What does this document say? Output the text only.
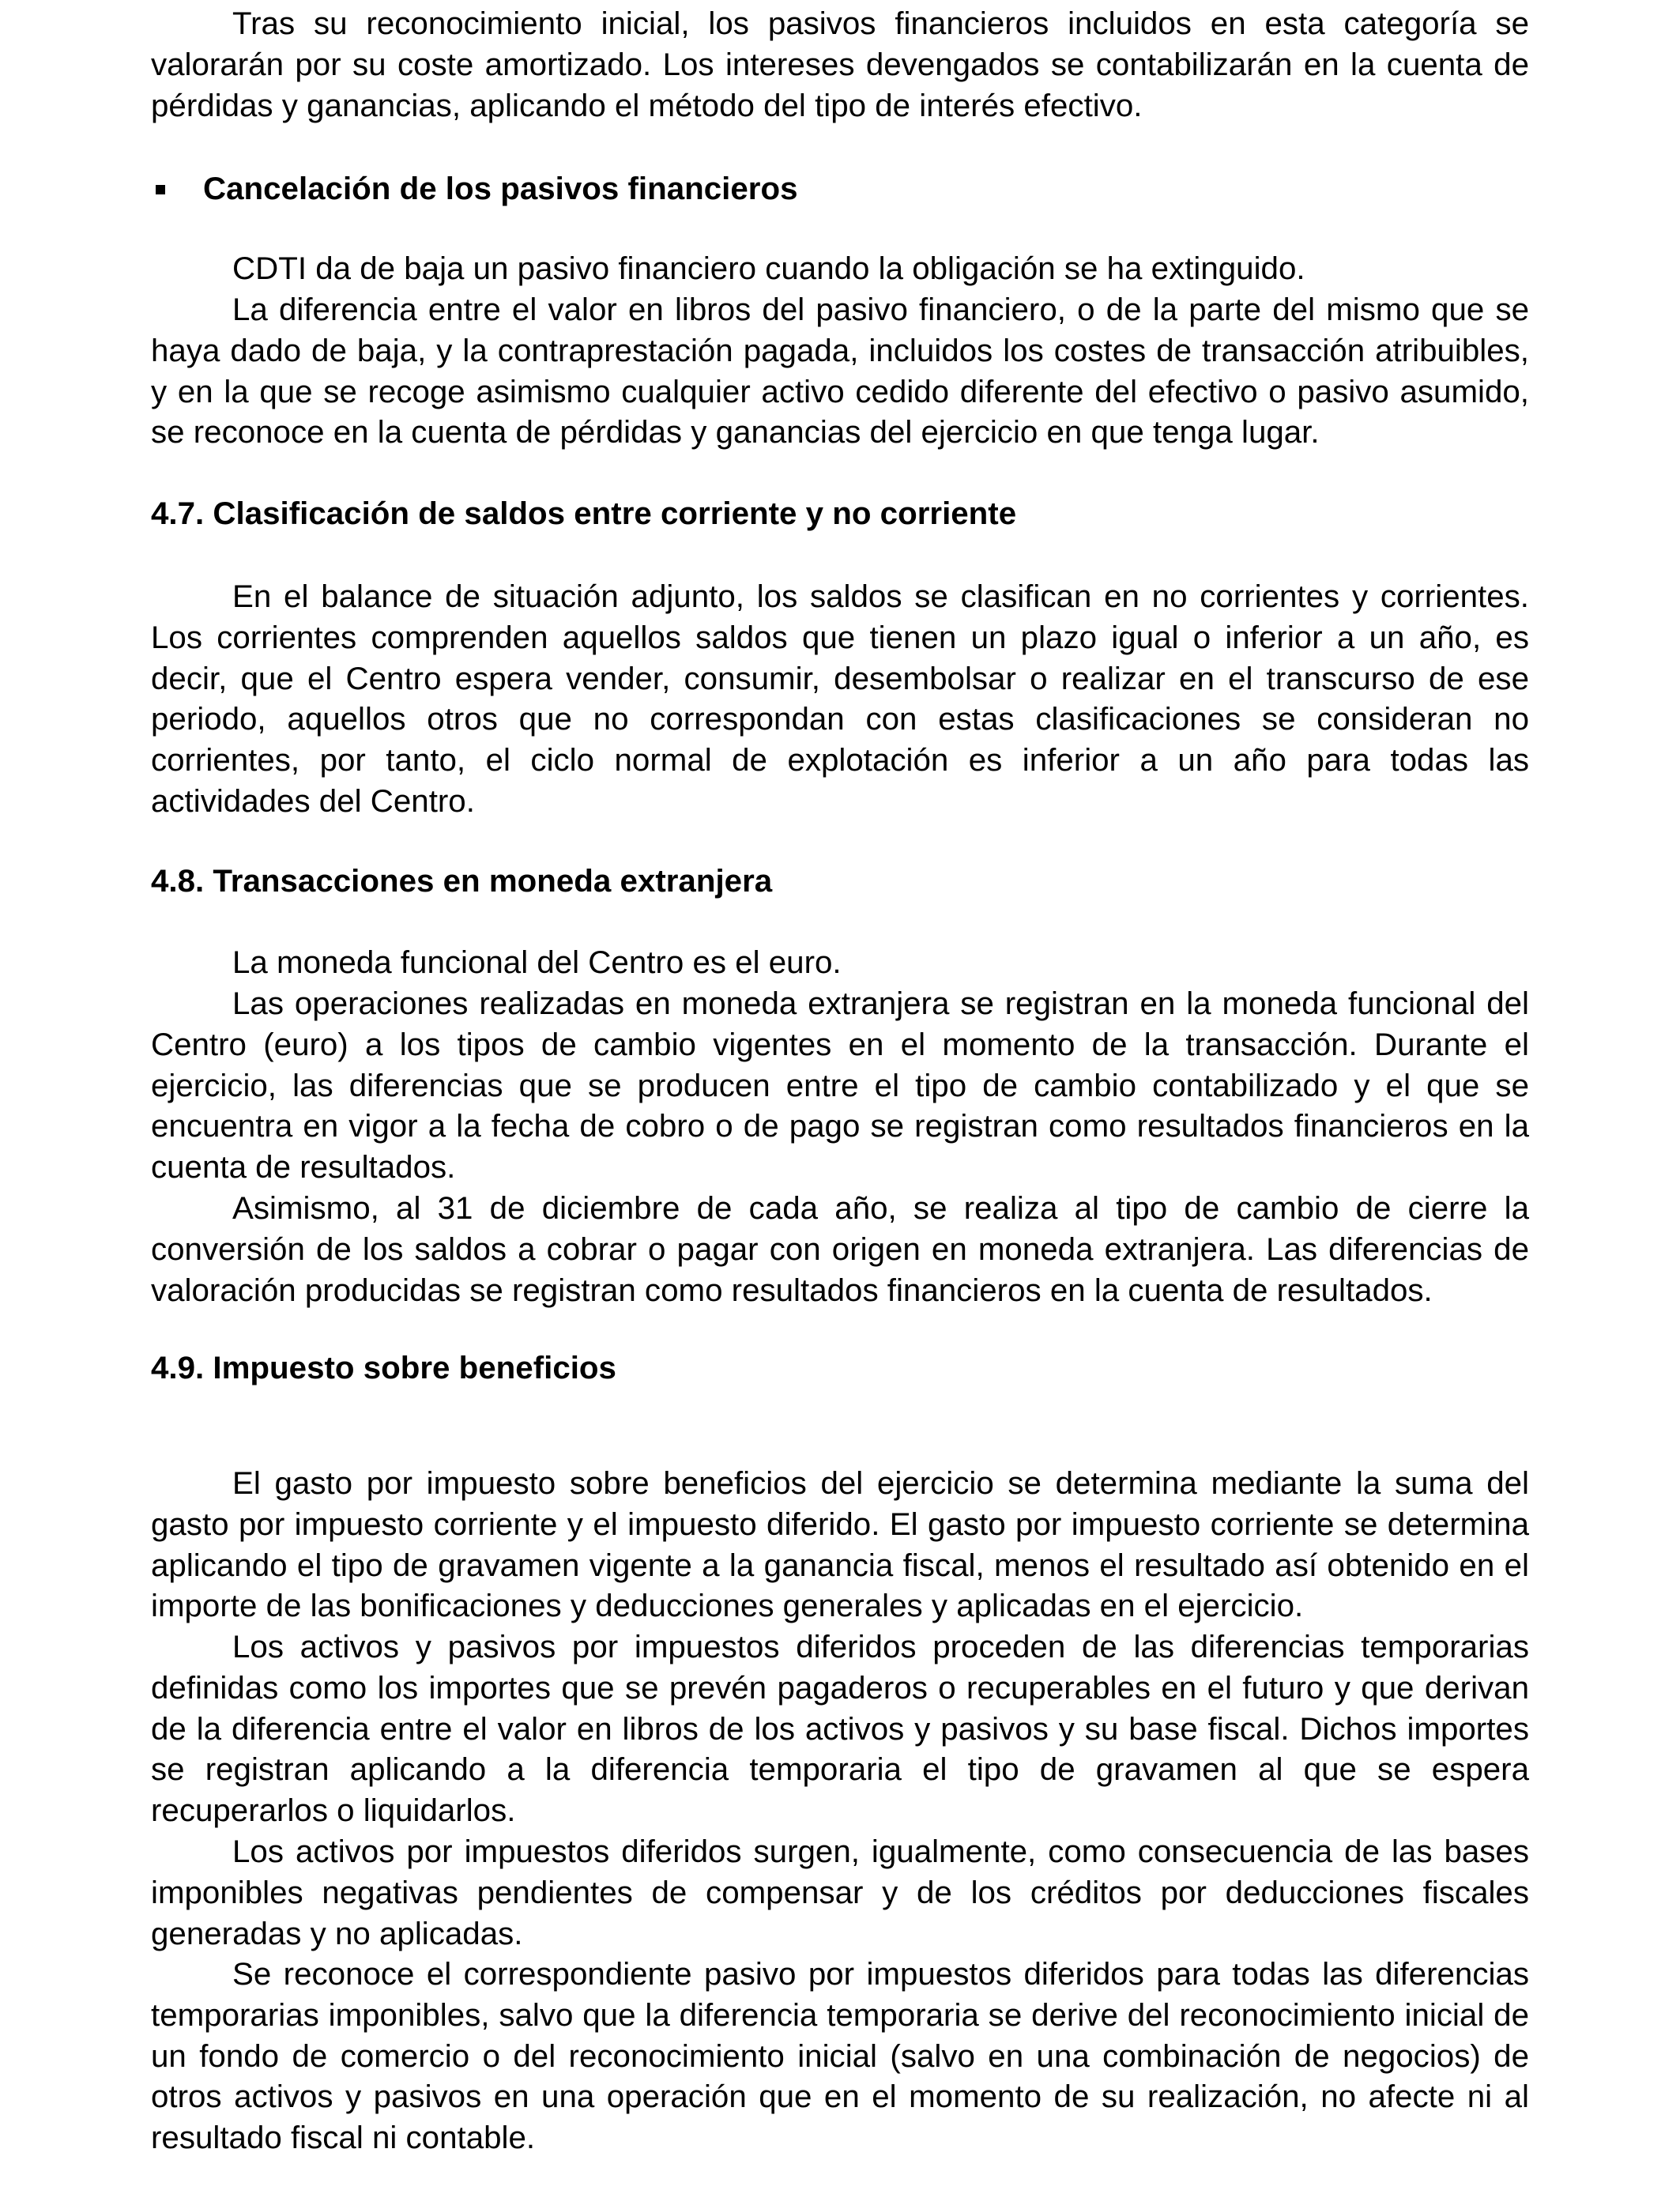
Tras su reconocimiento inicial, los pasivos financieros incluidos en esta categoría se
valorarán por su coste amortizado. Los intereses devengados se contabilizarán en la cuenta de
pérdidas y ganancias, aplicando el método del tipo de interés efectivo.
Cancelación de los pasivos financieros
CDTI da de baja un pasivo financiero cuando la obligación se ha extinguido.
La diferencia entre el valor en libros del pasivo financiero, o de la parte del mismo que se
haya dado de baja, y la contraprestación pagada, incluidos los costes de transacción atribuibles,
y en la que se recoge asimismo cualquier activo cedido diferente del efectivo o pasivo asumido,
se reconoce en la cuenta de pérdidas y ganancias del ejercicio en que tenga lugar.
4.7. Clasificación de saldos entre corriente y no corriente
En el balance de situación adjunto, los saldos se clasifican en no corrientes y corrientes.
Los corrientes comprenden aquellos saldos que tienen un plazo igual o inferior a un año, es
decir, que el Centro espera vender, consumir, desembolsar o realizar en el transcurso de ese
periodo, aquellos otros que no correspondan con estas clasificaciones se consideran no
corrientes, por tanto, el ciclo normal de explotación es inferior a un año para todas las
actividades del Centro.
4.8. Transacciones en moneda extranjera
La moneda funcional del Centro es el euro.
Las operaciones realizadas en moneda extranjera se registran en la moneda funcional del
Centro (euro) a los tipos de cambio vigentes en el momento de la transacción. Durante el
ejercicio, las diferencias que se producen entre el tipo de cambio contabilizado y el que se
encuentra en vigor a la fecha de cobro o de pago se registran como resultados financieros en la
cuenta de resultados.
Asimismo, al 31 de diciembre de cada año, se realiza al tipo de cambio de cierre la
conversión de los saldos a cobrar o pagar con origen en moneda extranjera. Las diferencias de
valoración producidas se registran como resultados financieros en la cuenta de resultados.
4.9. Impuesto sobre beneficios
El gasto por impuesto sobre beneficios del ejercicio se determina mediante la suma del
gasto por impuesto corriente y el impuesto diferido. El gasto por impuesto corriente se determina
aplicando el tipo de gravamen vigente a la ganancia fiscal, menos el resultado así obtenido en el
importe de las bonificaciones y deducciones generales y aplicadas en el ejercicio.
Los activos y pasivos por impuestos diferidos proceden de las diferencias temporarias
definidas como los importes que se prevén pagaderos o recuperables en el futuro y que derivan
de la diferencia entre el valor en libros de los activos y pasivos y su base fiscal. Dichos importes
se registran aplicando a la diferencia temporaria el tipo de gravamen al que se espera
recuperarlos o liquidarlos.
Los activos por impuestos diferidos surgen, igualmente, como consecuencia de las bases
imponibles negativas pendientes de compensar y de los créditos por deducciones fiscales
generadas y no aplicadas.
Se reconoce el correspondiente pasivo por impuestos diferidos para todas las diferencias
temporarias imponibles, salvo que la diferencia temporaria se derive del reconocimiento inicial de
un fondo de comercio o del reconocimiento inicial (salvo en una combinación de negocios) de
otros activos y pasivos en una operación que en el momento de su realización, no afecte ni al
resultado fiscal ni contable.
